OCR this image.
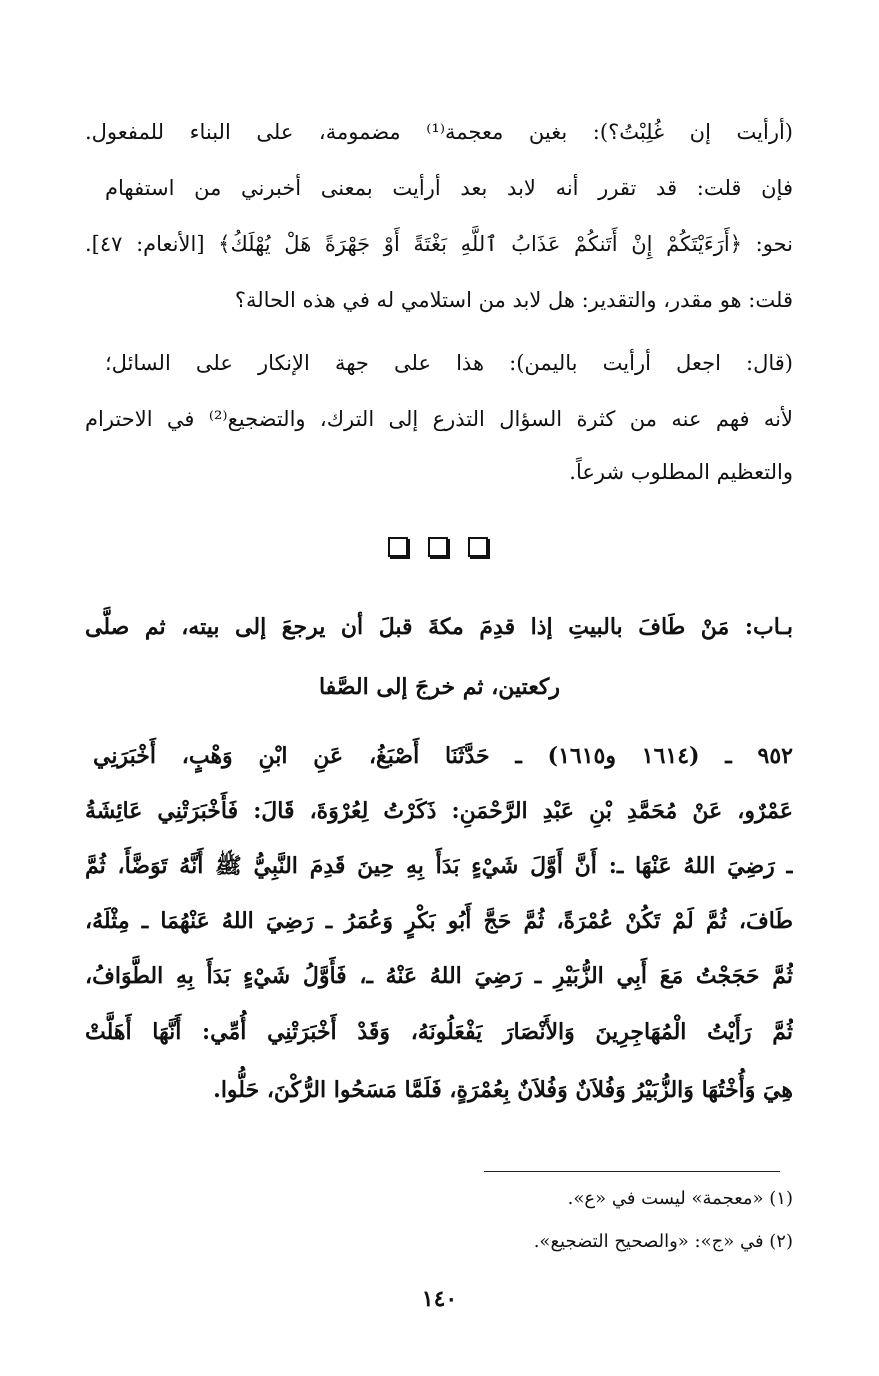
(أرأيت إن غُلِبْتُ؟): بغين معجمة⁽¹⁾ مضمومة، على البناء للمفعول.
فإن قلت: قد تقرر أنه لابد بعد أرأيت بمعنى أخبرني من استفهام
نحو: ﴿أَرَءَيْتَكُمْ إِنْ أَتَنكُمْ عَذَابُ ٱللَّهِ بَغْتَةً أَوْ جَهْرَةً هَلْ يُهْلَكُ﴾ [الأنعام: ٤٧].
قلت: هو مقدر، والتقدير: هل لابد من استلامي له في هذه الحالة؟
(قال: اجعل أرأيت باليمن): هذا على جهة الإنكار على السائل؛
لأنه فهم عنه من كثرة السؤال التذرع إلى الترك، والتضجيع⁽²⁾ في الاحترام
والتعظيم المطلوب شرعاً.
بـاب: مَنْ طَافَ بالبيتِ إذا قدِمَ مكةَ قبلَ أن يرجعَ إلى بيته، ثم صلَّى
ركعتين، ثم خرجَ إلى الصَّفا
٩٥٢ ـ (١٦١٤ و١٦١٥) ـ حَدَّثَنَا أَصْبَغُ، عَنِ ابْنِ وَهْبٍ، أَخْبَرَنِي
عَمْرٌو، عَنْ مُحَمَّدِ بْنِ عَبْدِ الرَّحْمَنِ: ذَكَرْتُ لِعُرْوَةَ، قَالَ: فَأَخْبَرَتْنِي عَائِشَةُ
ـ رَضِيَ اللهُ عَنْهَا ـ: أَنَّ أَوَّلَ شَيْءٍ بَدَأَ بِهِ حِينَ قَدِمَ النَّبِيُّ ﷺ أَنَّهُ تَوَضَّأَ، ثُمَّ
طَافَ، ثُمَّ لَمْ تَكُنْ عُمْرَةً، ثُمَّ حَجَّ أَبُو بَكْرٍ وَعُمَرُ ـ رَضِيَ اللهُ عَنْهُمَا ـ مِثْلَهُ،
ثُمَّ حَجَجْتُ مَعَ أَبِي الزُّبَيْرِ ـ رَضِيَ اللهُ عَنْهُ ـ، فَأَوَّلُ شَيْءٍ بَدَأَ بِهِ الطَّوَافُ،
ثُمَّ رَأَيْتُ الْمُهَاجِرِينَ وَالأَنْصَارَ يَفْعَلُونَهُ، وَقَدْ أَخْبَرَتْنِي أُمِّي: أَنَّهَا أَهَلَّتْ
هِيَ وَأُخْتُهَا وَالزُّبَيْرُ وَفُلاَنٌ وَفُلاَنٌ بِعُمْرَةٍ، فَلَمَّا مَسَحُوا الرُّكْنَ، حَلُّوا.
(١) «معجمة» ليست في «ع».
(٢) في «ج»: «والصحيح التضجيع».
١٤٠
